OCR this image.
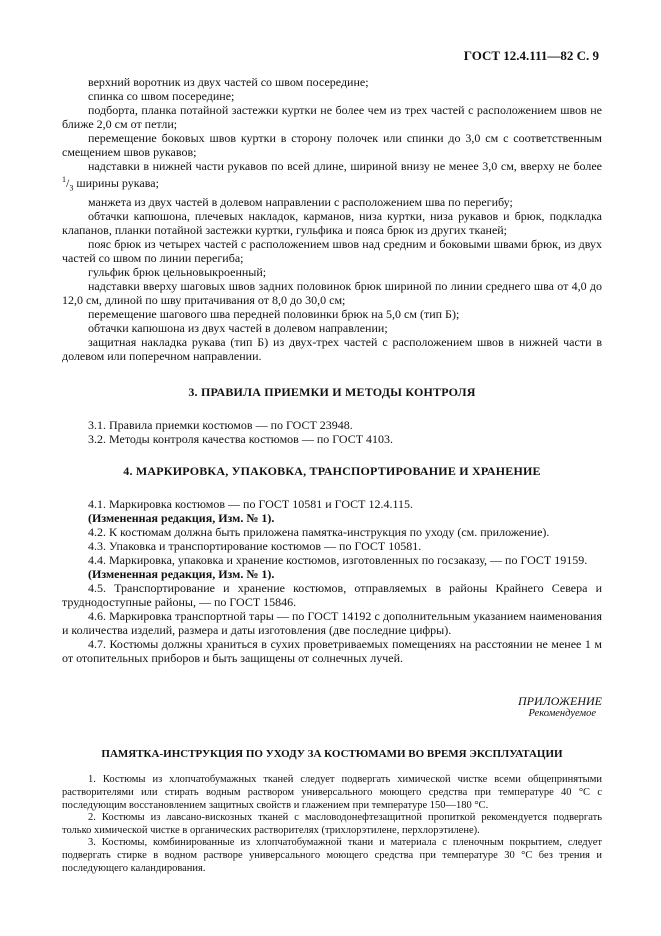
ГОСТ 12.4.111—82 С. 9

верхний воротник из двух частей со швом посередине;

спинка со швом посередине;

подборта, планка потайной застежки куртки не более чем из трех частей с расположением швов не ближе 2,0 см от петли;

перемещение боковых швов куртки в сторону полочек или спинки до 3,0 см с соответственным смещением швов рукавов;

надставки в нижней части рукавов по всей длине, шириной внизу не менее 3,0 см, вверху не более $^1/_3$ ширины рукава;

манжета из двух частей в долевом направлении с расположением шва по перегибу;

обтачки капюшона, плечевых накладок, карманов, низа куртки, низа рукавов и брюк, подкладка клапанов, планки потайной застежки куртки, гульфика и пояса брюк из других тканей;

пояс брюк из четырех частей с расположением швов над средним и боковыми швами брюк, из двух частей со швом по линии перегиба;

гульфик брюк цельновыкроенный;

надставки вверху шаговых швов задних половинок брюк шириной по линии среднего шва от 4,0 до 12,0 см, длиной по шву притачивания от 8,0 до 30,0 см;

перемещение шагового шва передней половинки брюк на 5,0 см (тип Б);

обтачки капюшона из двух частей в долевом направлении;

защитная накладка рукава (тип Б) из двух-трех частей с расположением швов в нижней части в долевом или поперечном направлении.

3. ПРАВИЛА ПРИЕМКИ И МЕТОДЫ КОНТРОЛЯ

3.1. Правила приемки костюмов — по ГОСТ 23948.

3.2. Методы контроля качества костюмов — по ГОСТ 4103.

4. МАРКИРОВКА, УПАКОВКА, ТРАНСПОРТИРОВАНИЕ И ХРАНЕНИЕ

4.1. Маркировка костюмов — по ГОСТ 10581 и ГОСТ 12.4.115.

(Измененная редакция, Изм. № 1).

4.2. К костюмам должна быть приложена памятка-инструкция по уходу (см. приложение).

4.3. Упаковка и транспортирование костюмов — по ГОСТ 10581.

4.4. Маркировка, упаковка и хранение костюмов, изготовленных по госзаказу, — по ГОСТ 19159.

(Измененная редакция, Изм. № 1).

4.5. Транспортирование и хранение костюмов, отправляемых в районы Крайнего Севера и труднодоступные районы, — по ГОСТ 15846.

4.6. Маркировка транспортной тары — по ГОСТ 14192 с дополнительным указанием наименования и количества изделий, размера и даты изготовления (две последние цифры).

4.7. Костюмы должны храниться в сухих проветриваемых помещениях на расстоянии не менее 1 м от отопительных приборов и быть защищены от солнечных лучей.

ПРИЛОЖЕНИЕ

Рекомендуемое

ПАМЯТКА-ИНСТРУКЦИЯ ПО УХОДУ ЗА КОСТЮМАМИ ВО ВРЕМЯ ЭКСПЛУАТАЦИИ

1. Костюмы из хлопчатобумажных тканей следует подвергать химической чистке всеми общепринятыми растворителями или стирать водным раствором универсального моющего средства при температуре 40 °С с последующим восстановлением защитных свойств и глажением при температуре 150—180 °С.

2. Костюмы из лавсано-вискозных тканей с масловодонефтезащитной пропиткой рекомендуется подвергать только химической чистке в органических растворителях (трихлорэтилене, перхлорэтилене).

3. Костюмы, комбинированные из хлопчатобумажной ткани и материала с пленочным покрытием, следует подвергать стирке в водном растворе универсального моющего средства при температуре 30 °С без трения и последующего каландирования.
